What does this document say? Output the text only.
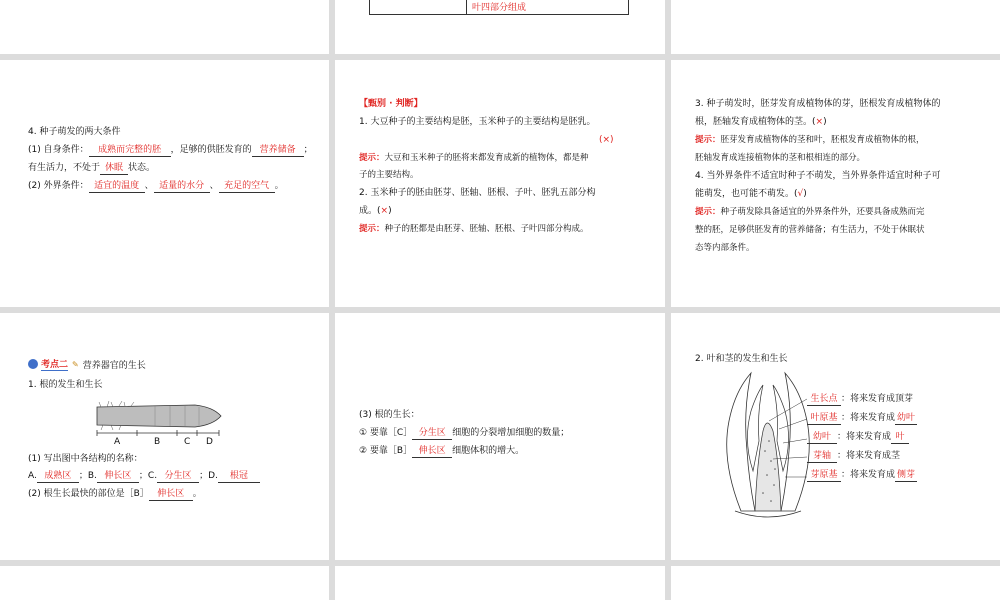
叶四部分组成
4. 种子萌发的两大条件
(1) 自身条件： 成熟而完整的胚 ，足够的供胚发育的 营养储备 ；
有生活力，不处于 休眠 状态。
(2) 外界条件： 适宜的温度 、 适量的水分 、 充足的空气 。
【甄别 · 判断】
1. 大豆种子的主要结构是胚，玉米种子的主要结构是胚乳。
(×)
提示：大豆和玉米种子的胚将来都发育成新的植物体，都是种
子的主要结构。
2. 玉米种子的胚由胚芽、胚轴、胚根、子叶、胚乳五部分构
成。(×)
提示：种子的胚都是由胚芽、胚轴、胚根、子叶四部分构成。
3. 种子萌发时，胚芽发育成植物体的芽，胚根发育成植物体的
根，胚轴发育成植物体的茎。(×)
提示：胚芽发育成植物体的茎和叶，胚根发育成植物体的根，
胚轴发育成连接植物体的茎和根相连的部分。
4. 当外界条件不适宜时种子不萌发，当外界条件适宜时种子可
能萌发，也可能不萌发。(√)
提示：种子萌发除具备适宜的外界条件外，还要具备成熟而完
整的胚，足够供胚发育的营养储备；有生活力，不处于休眠状
态等内部条件。
考点二 ✎ 营养器官的生长
1. 根的发生和生长
A	B	C D
(1) 写出图中各结构的名称：
A. 成熟区 ；B. 伸长区 ；C. 分生区 ；D. 根冠
(2) 根生长最快的部位是［B］ 伸长区 。
(3) 根的生长：
① 要靠［C］ 分生区 细胞的分裂增加细胞的数量；
② 要靠［B］ 伸长区 细胞体积的增大。
2. 叶和茎的发生和生长
生长点 ：将来发育成顶芽
叶原基 ：将来发育成 幼叶
幼叶 ：将来发育成 叶
芽轴 ：将来发育成茎
芽原基 ：将来发育成 侧芽
